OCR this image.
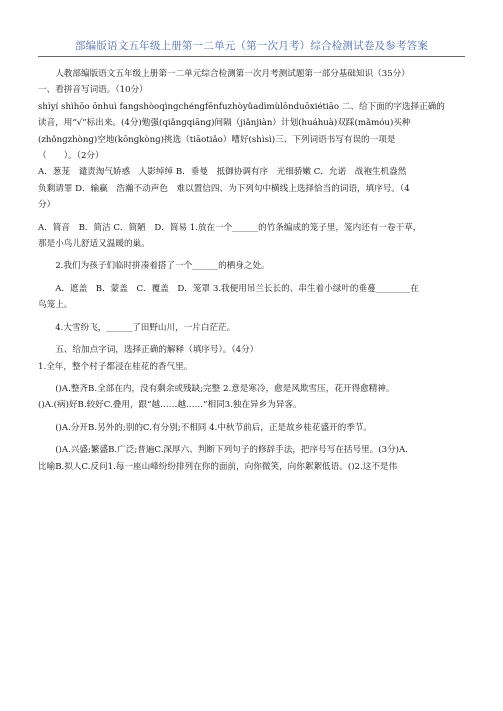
部编版语文五年级上册第一二单元（第一次月考）综合检测试卷及参考答案

人教部编版语文五年级上册第一二单元综合检测第一次月考测试题第一部分基础知识（35分）

一、看拼音写词语。（10分）

shìyí shìhōo ōnhuì fangshòoqìngchéngfēnfuzhòyǔadìmùlōnduōxiétiāo 二、给下面的字选择正确的

读音，用“√”标出来。(4分)勉强(qiǎnɡqiānɡ)间隔（jiǎnjiàn）计划(huáhuà)双踩(mǎmóu)买种

(zhǒnɡzhònɡ)空地(kōnɡkònɡ)挑选（tiāotiǎo）嘈好(shìsì)三、下列词语书写有误的一项是

（　　）。（2分）

A．葱茏　谴责淘气娇惑　人影绰绰 B．垂曼　抵御协调有序　光细骄嫩 C．允诺　战袍生机盎然

负剩请罪 D．输赢　浩瀚不动声色　难以置信四、为下列句中横线上选择恰当的词语，填序号。（4

分）

A．简音　B．简洁 C．简陋　D．简易 1.放在一个______的竹条编成的笼子里，笼内还有一卷干草，

那是小鸟儿舒适又温暖的巢。

2.我们为孩子们临时拼凑着搭了一个______的栖身之处。

A．遮盖　B．蒙盖　C．覆盖　D．笼罩 3.我便用吊兰长长的、串生着小绿叶的垂蔓________在

鸟笼上。

4.大雪纷飞，______了田野山川，一片白茫茫。

五、给加点字词，选择正确的解释（填序号）。（4分）

1.全年，整个村子都浸在桂花的香气里。

()A.整齐B.全部在内，没有剩余或残缺;完整 2.意是寒冷，愈是风欺雪压，花开得愈精神。

()A.(病)好B.较好C.叠用，跟“越……越……”相同3.独在异乡为异客。

()A.分开B.另外的;别的C.有分别;不相同 4.中秋节前后，正是故乡桂花盛开的季节。

()A.兴盛;繁盛B.广泛;普遍C.深厚六、判断下列句子的修辞手法，把序号写在括号里。(3分)A.

比喻B.拟人C.反问1.每一座山峰纷纷排列在你的面前，向你微笑，向你絮絮低语。()2.这不是伟
